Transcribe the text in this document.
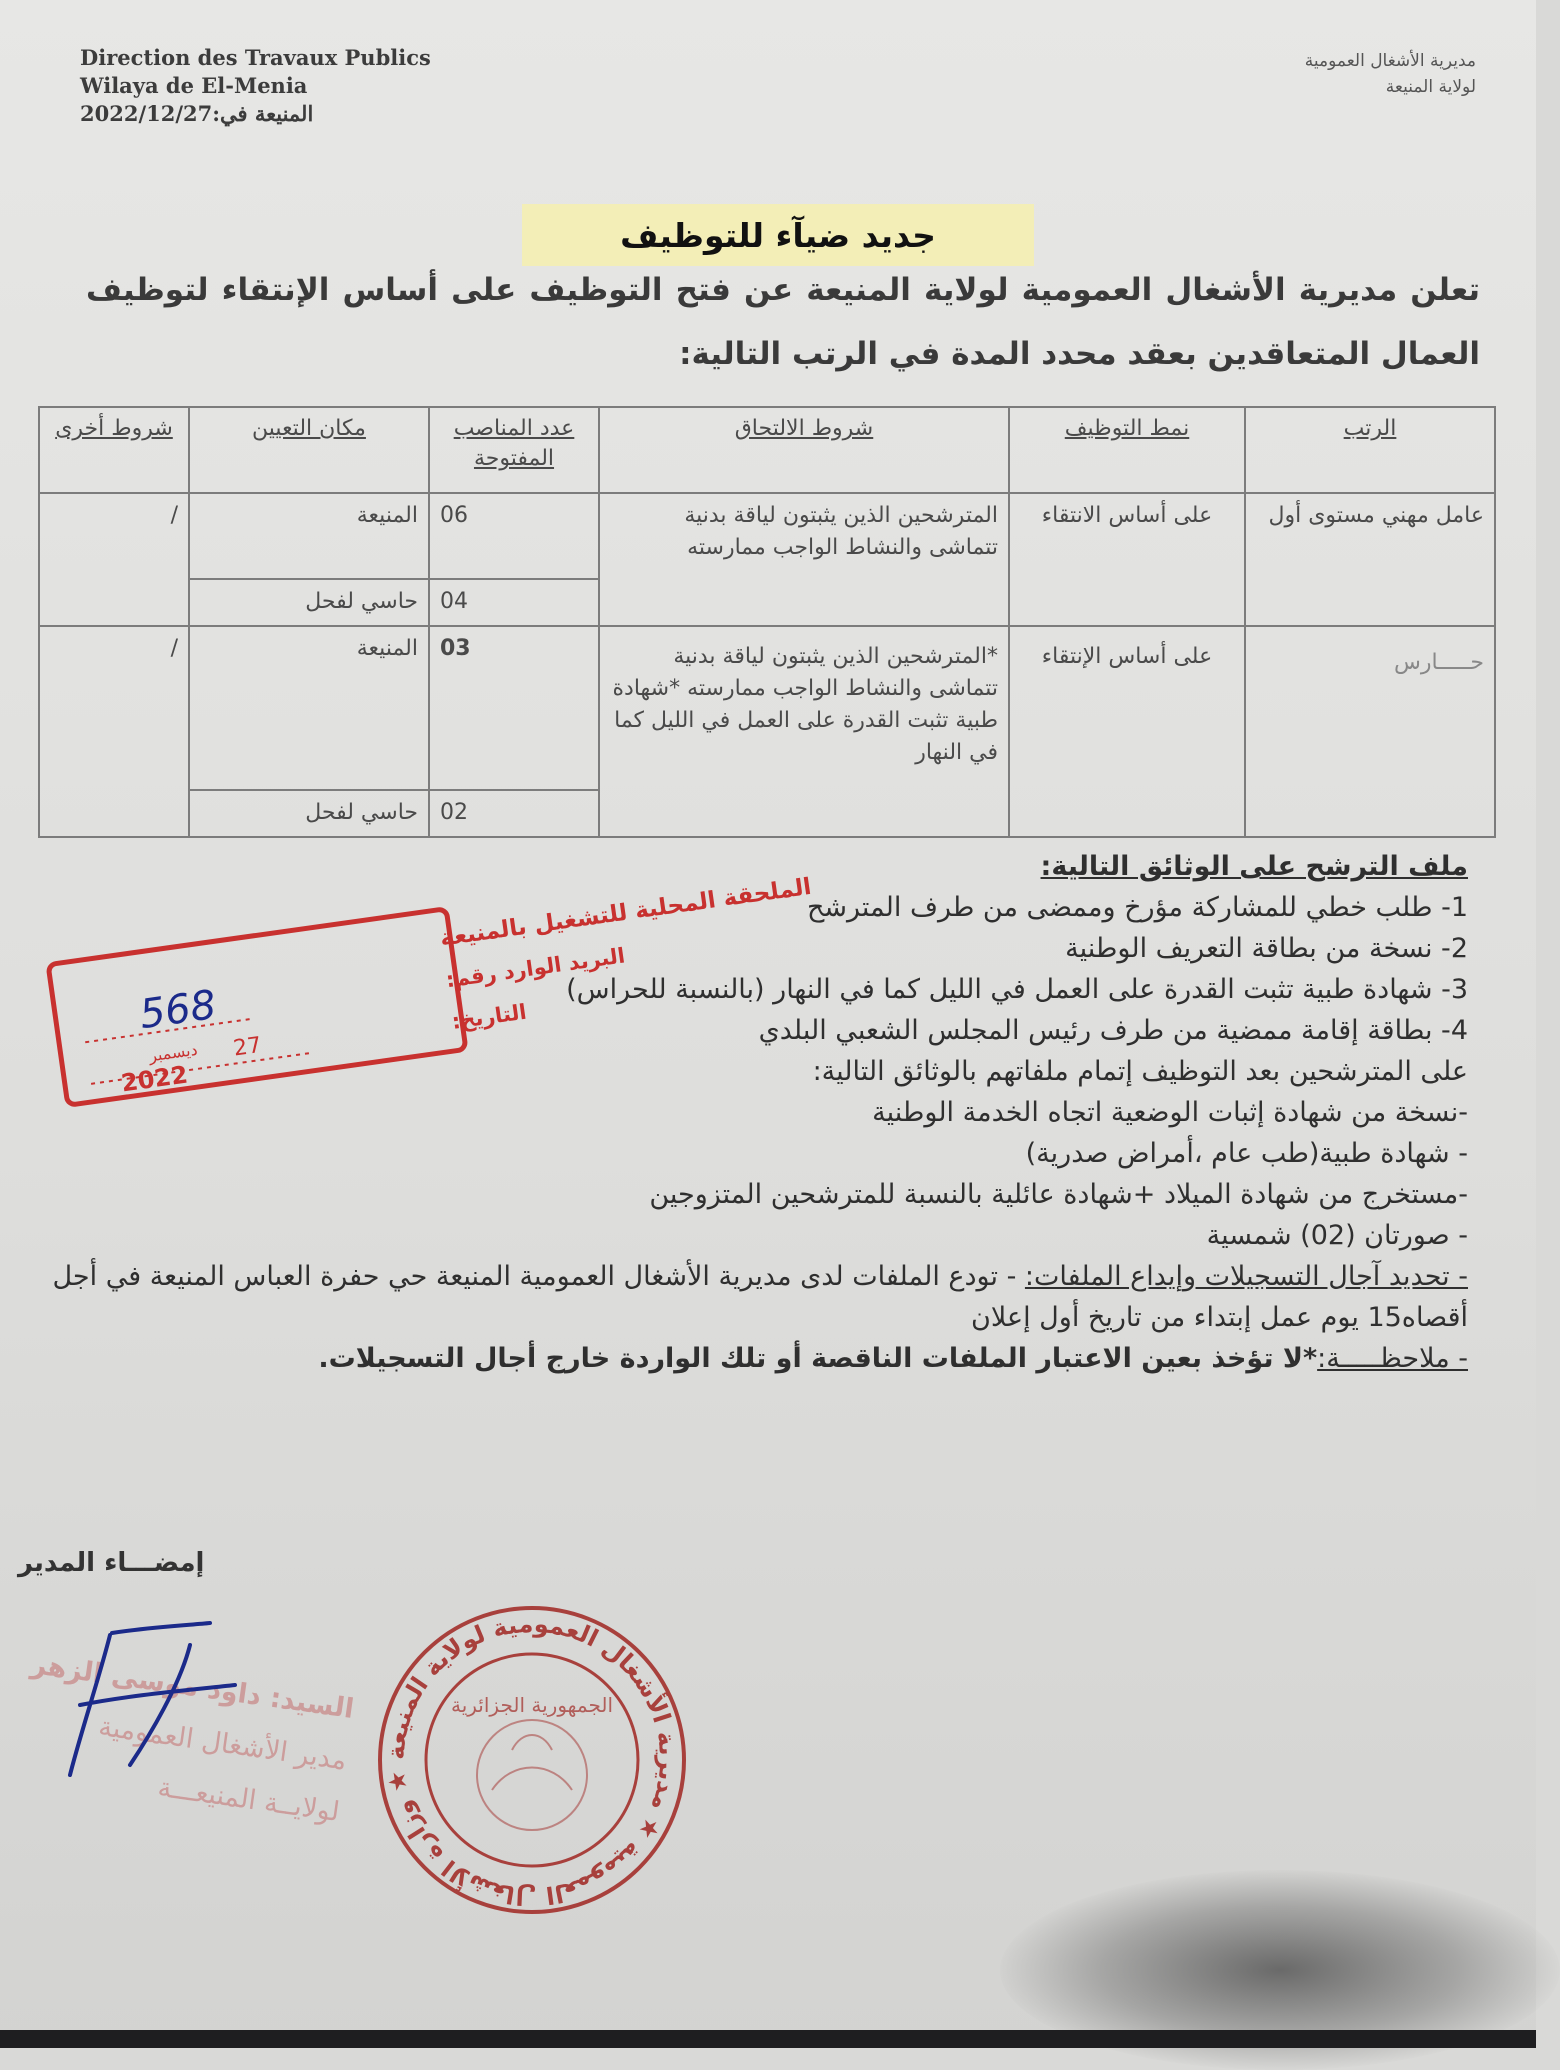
Direction des Travaux Publics
Wilaya de El-Menia
المنيعة في:2022/12/27
مديرية الأشغال العمومية
لولاية المنيعة
جديد ضيآء للتوظيف
تعلن مديرية الأشغال العمومية لولاية المنيعة عن فتح التوظيف على أساس الإنتقاء لتوظيف العمال المتعاقدين بعقد محدد المدة في الرتب التالية:
الرتب	نمط التوظيف	شروط الالتحاق	عدد المناصب المفتوحة	مكان التعيين	شروط أخرى
عامل مهني مستوى أول	على أساس الانتقاء	المترشحين الذين يثبتون لياقة بدنية تتماشى والنشاط الواجب ممارسته	06	المنيعة	/
			04	حاسي لفحل	
حـــــارس	على أساس الإنتقاء	*المترشحين الذين يثبتون لياقة بدنية تتماشى والنشاط الواجب ممارسته *شهادة طبية تثبت القدرة على العمل في الليل كما في النهار	03	المنيعة	/
			02	حاسي لفحل	
ملف الترشح على الوثائق التالية:
1- طلب خطي للمشاركة مؤرخ وممضى من طرف المترشح
2- نسخة من بطاقة التعريف الوطنية
3- شهادة طبية تثبت القدرة على العمل في الليل كما في النهار (بالنسبة للحراس)
4- بطاقة إقامة ممضية من طرف رئيس المجلس الشعبي البلدي
على المترشحين بعد التوظيف إتمام ملفاتهم بالوثائق التالية:
-نسخة من شهادة إثبات الوضعية اتجاه الخدمة الوطنية
- شهادة طبية(طب عام ،أمراض صدرية)
-مستخرج من شهادة الميلاد +شهادة عائلية بالنسبة للمترشحين المتزوجين
- صورتان (02) شمسية
- تحديد آجال التسجيلات وإيداع الملفات: - تودع الملفات لدى مديرية الأشغال العمومية المنيعة حي حفرة العباس المنيعة في أجل أقصاه15 يوم عمل إبتداء من تاريخ أول إعلان
- ملاحظـــــة:*لا تؤخذ بعين الاعتبار الملفات الناقصة أو تلك الواردة خارج أجال التسجيلات.
الملحقة المحلية للتشغيل بالمنيعة
البريد الوارد رقم:
التاريخ:
568
27
ديسمبر
2022
إمضـــاء المدير
السيد: داود موسى الزهر
مدير الأشغال العمومية
لولايــة المنيعـــة
وزارة الأشغال العمومية ★ مديرية الأشغال العمومية لولاية المنيعة ★
الجمهورية الجزائرية
